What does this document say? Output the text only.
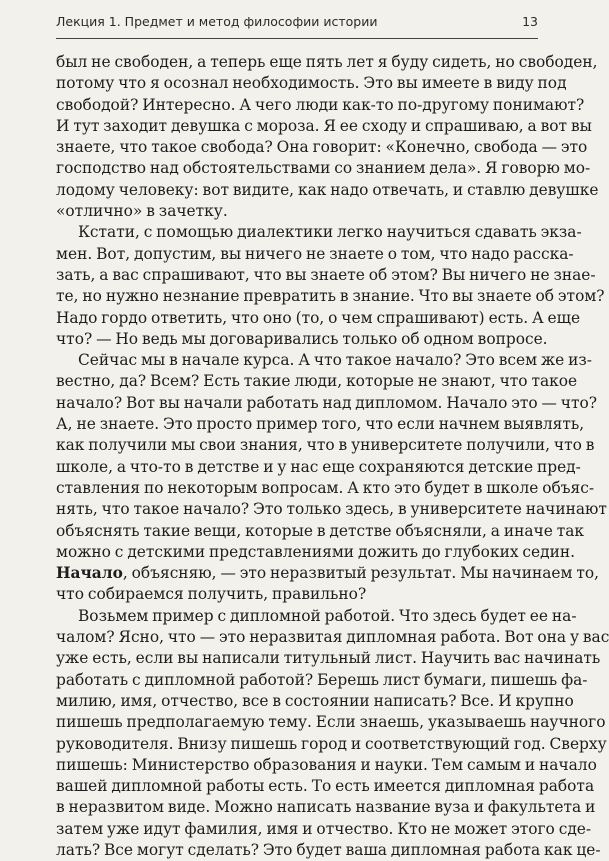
Лекция 1. Предмет и метод философии истории	13

был не свободен, а теперь еще пять лет я буду сидеть, но свободен,
потому что я осознал необходимость. Это вы имеете в виду под
свободой? Интересно. А чего люди как-то по-другому понимают?
И тут заходит девушка с мороза. Я ее сходу и спрашиваю, а вот вы
знаете, что такое свобода? Она говорит: «Конечно, свобода — это
господство над обстоятельствами со знанием дела». Я говорю мо-
лодому человеку: вот видите, как надо отвечать, и ставлю девушке
«отлично» в зачетку.

Кстати, с помощью диалектики легко научиться сдавать экза-
мен. Вот, допустим, вы ничего не знаете о том, что надо расска-
зать, а вас спрашивают, что вы знаете об этом? Вы ничего не знае-
те, но нужно незнание превратить в знание. Что вы знаете об этом?
Надо гордо ответить, что оно (то, о чем спрашивают) есть. А еще
что? — Но ведь мы договаривались только об одном вопросе.

Сейчас мы в начале курса. А что такое начало? Это всем же из-
вестно, да? Всем? Есть такие люди, которые не знают, что такое
начало? Вот вы начали работать над дипломом. Начало это — что?
А, не знаете. Это просто пример того, что если начнем выявлять,
как получили мы свои знания, что в университете получили, что в
школе, а что-то в детстве и у нас еще сохраняются детские пред-
ставления по некоторым вопросам. А кто это будет в школе объяс-
нять, что такое начало? Это только здесь, в университете начинают
объяснять такие вещи, которые в детстве объясняли, а иначе так
можно с детскими представлениями дожить до глубоких седин.
Начало, объясняю, — это неразвитый результат. Мы начинаем то,
что собираемся получить, правильно?

Возьмем пример с дипломной работой. Что здесь будет ее на-
чалом? Ясно, что — это неразвитая дипломная работа. Вот она у вас
уже есть, если вы написали титульный лист. Научить вас начинать
работать с дипломной работой? Берешь лист бумаги, пишешь фа-
милию, имя, отчество, все в состоянии написать? Все. И крупно
пишешь предполагаемую тему. Если знаешь, указываешь научного
руководителя. Внизу пишешь город и соответствующий год. Сверху
пишешь: Министерство образования и науки. Тем самым и начало
вашей дипломной работы есть. То есть имеется дипломная работа
в неразвитом виде. Можно написать название вуза и факультета и
затем уже идут фамилия, имя и отчество. Кто не может этого сде-
лать? Все могут сделать? Это будет ваша дипломная работа как це-
